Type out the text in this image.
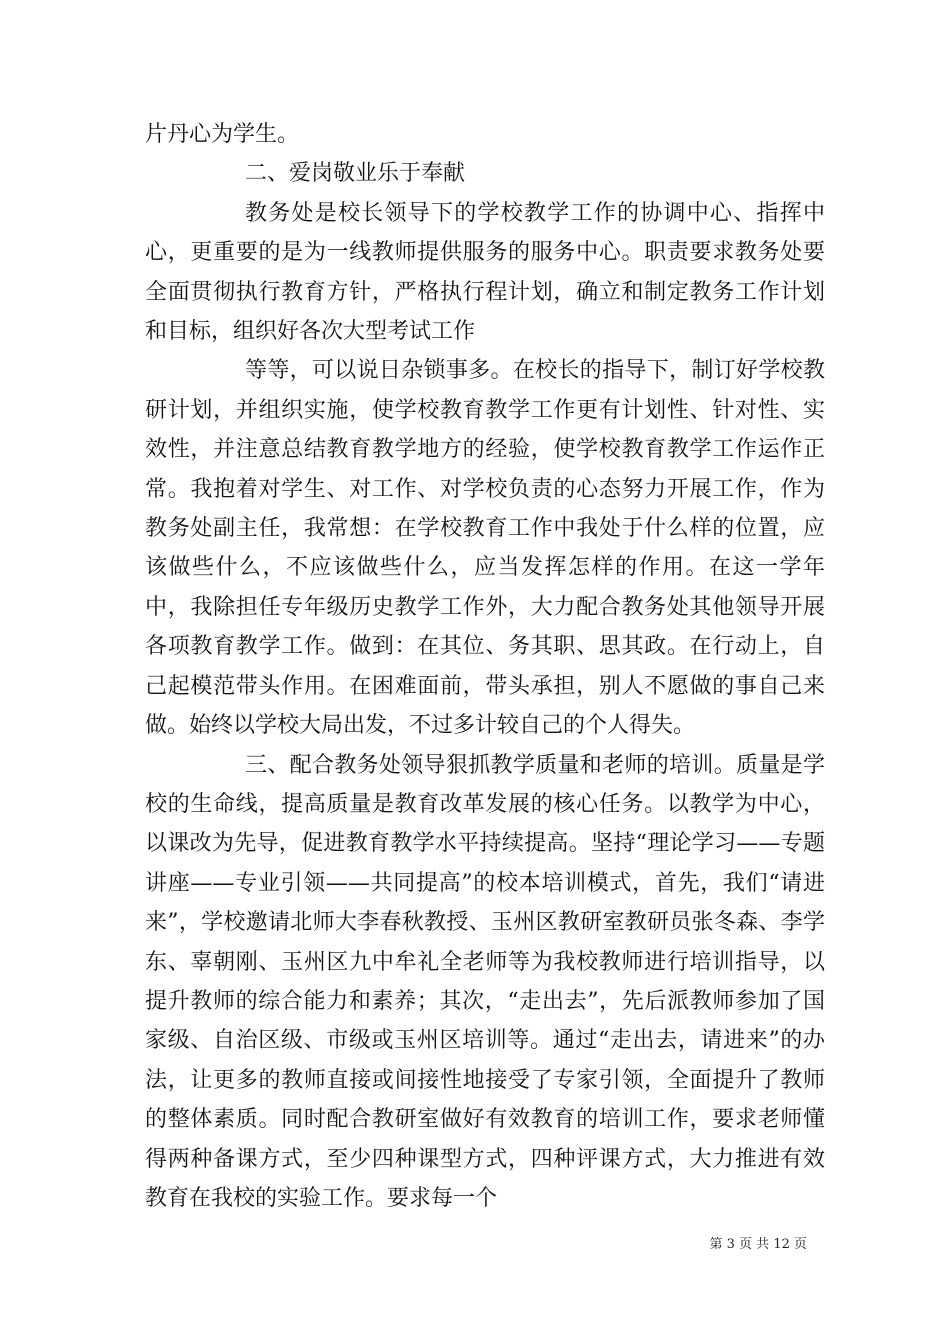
片丹心为学生。

二、爱岗敬业乐于奉献

教务处是校长领导下的学校教学工作的协调中心、指挥中心，更重要的是为一线教师提供服务的服务中心。职责要求教务处要全面贯彻执行教育方针，严格执行程计划，确立和制定教务工作计划和目标，组织好各次大型考试工作

等等，可以说日杂锁事多。在校长的指导下，制订好学校教研计划，并组织实施，使学校教育教学工作更有计划性、针对性、实效性，并注意总结教育教学地方的经验，使学校教育教学工作运作正常。我抱着对学生、对工作、对学校负责的心态努力开展工作，作为教务处副主任，我常想：在学校教育工作中我处于什么样的位置，应该做些什么，不应该做些什么，应当发挥怎样的作用。在这一学年中，我除担任专年级历史教学工作外，大力配合教务处其他领导开展各项教育教学工作。做到：在其位、务其职、思其政。在行动上，自己起模范带头作用。在困难面前，带头承担，别人不愿做的事自己来做。始终以学校大局出发，不过多计较自己的个人得失。

三、配合教务处领导狠抓教学质量和老师的培训。质量是学校的生命线，提高质量是教育改革发展的核心任务。以教学为中心，以课改为先导，促进教育教学水平持续提高。坚持“理论学习——专题讲座——专业引领——共同提高”的校本培训模式，首先，我们“请进来”，学校邀请北师大李春秋教授、玉州区教研室教研员张冬森、李学东、辜朝刚、玉州区九中牟礼全老师等为我校教师进行培训指导，以提升教师的综合能力和素养；其次，“走出去”，先后派教师参加了国家级、自治区级、市级或玉州区培训等。通过“走出去，请进来”的办法，让更多的教师直接或间接性地接受了专家引领，全面提升了教师的整体素质。同时配合教研室做好有效教育的培训工作，要求老师懂得两种备课方式，至少四种课型方式，四种评课方式，大力推进有效教育在我校的实验工作。要求每一个

第 3 页 共 12 页
